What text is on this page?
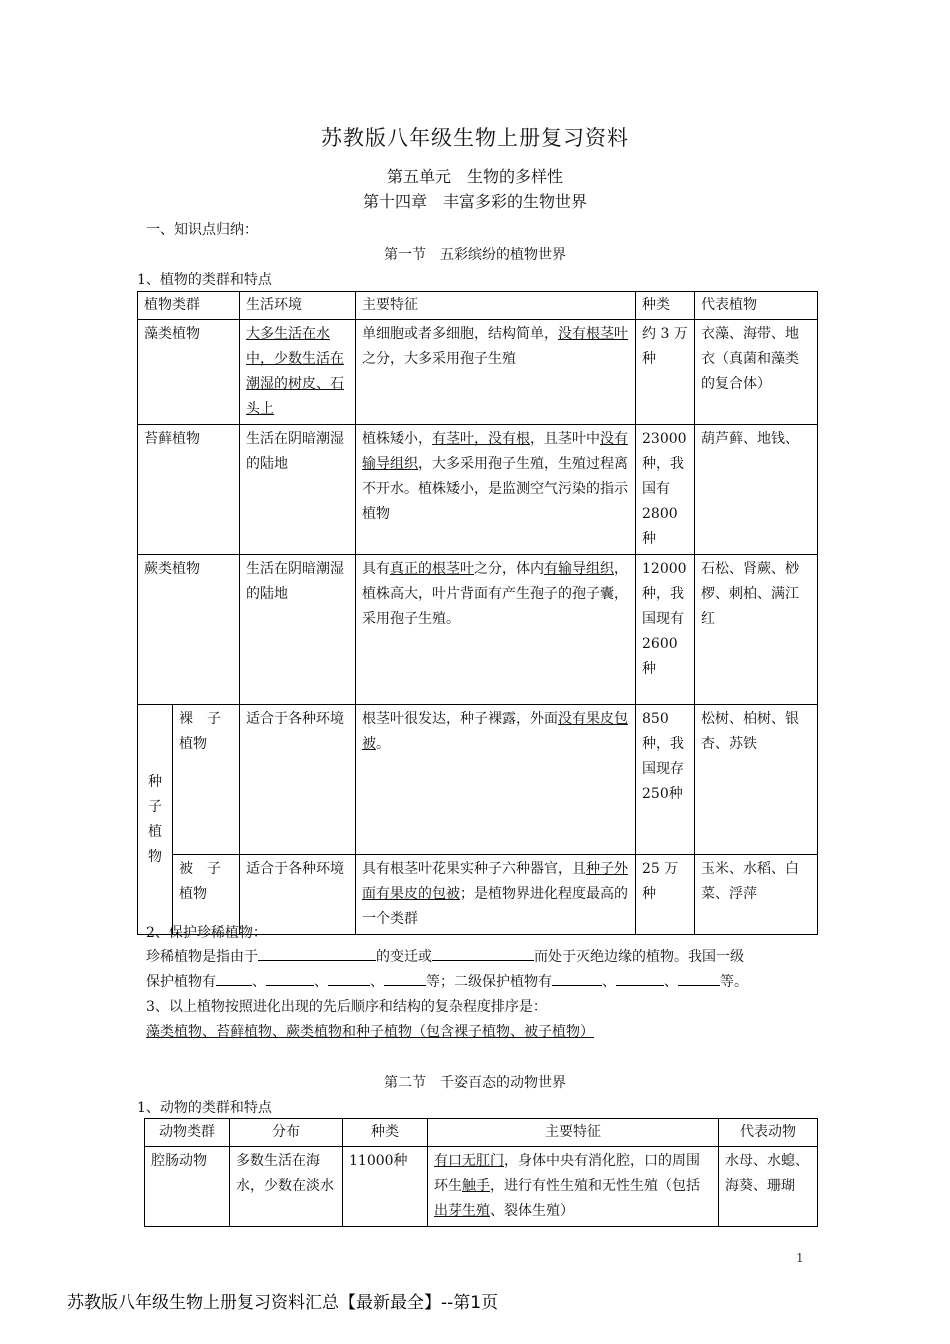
苏教版八年级生物上册复习资料
第五单元　生物的多样性
第十四章　丰富多彩的生物世界
一、知识点归纳：
第一节　五彩缤纷的植物世界
1、植物的类群和特点
植物类群		生活环境	主要特征	种类	代表植物
藻类植物		大多生活在水中，少数生活在潮湿的树皮、石头上	单细胞或者多细胞，结构简单，没有根茎叶之分，大多采用孢子生殖	约 3 万种	衣藻、海带、地衣（真菌和藻类的复合体）
苔藓植物		生活在阴暗潮湿的陆地	植株矮小，有茎叶，没有根，且茎叶中没有输导组织，大多采用孢子生殖，生殖过程离不开水。植株矮小，是监测空气污染的指示植物	23000种，我国有2800种	葫芦藓、地钱、
蕨类植物		生活在阴暗潮湿的陆地	具有真正的根茎叶之分，体内有输导组织，植株高大，叶片背面有产生孢子的孢子囊，采用孢子生殖。	12000种，我国现有2600种	石松、肾蕨、桫椤、刺柏、满江红

种子植物	裸　子植物	适合于各种环境	根茎叶很发达，种子裸露，外面没有果皮包被。	850种，我国现存250种	松树、柏树、银杏、苏铁
	被　子植物	适合于各种环境	具有根茎叶花果实种子六种器官，且种子外面有果皮的包被；是植物界进化程度最高的一个类群	25 万种	玉米、水稻、白菜、浮萍
2、保护珍稀植物：
珍稀植物是指由于	的变迁或	而处于灭绝边缘的植物。我国一级
保护植物有	、	、	、	等；二级保护植物有	、	、	等。
3、以上植物按照进化出现的先后顺序和结构的复杂程度排序是：
藻类植物、苔藓植物、蕨类植物和种子植物（包含裸子植物、被子植物）
第二节　千姿百态的动物世界
1、动物的类群和特点
动物类群	分布	种类	主要特征	代表动物
腔肠动物	多数生活在海水，少数在淡水	11000种	有口无肛门，身体中央有消化腔，口的周围环生触手，进行有性生殖和无性生殖（包括出芽生殖、裂体生殖）	水母、水螅、海葵、珊瑚
1
苏教版八年级生物上册复习资料汇总【最新最全】--第1页
